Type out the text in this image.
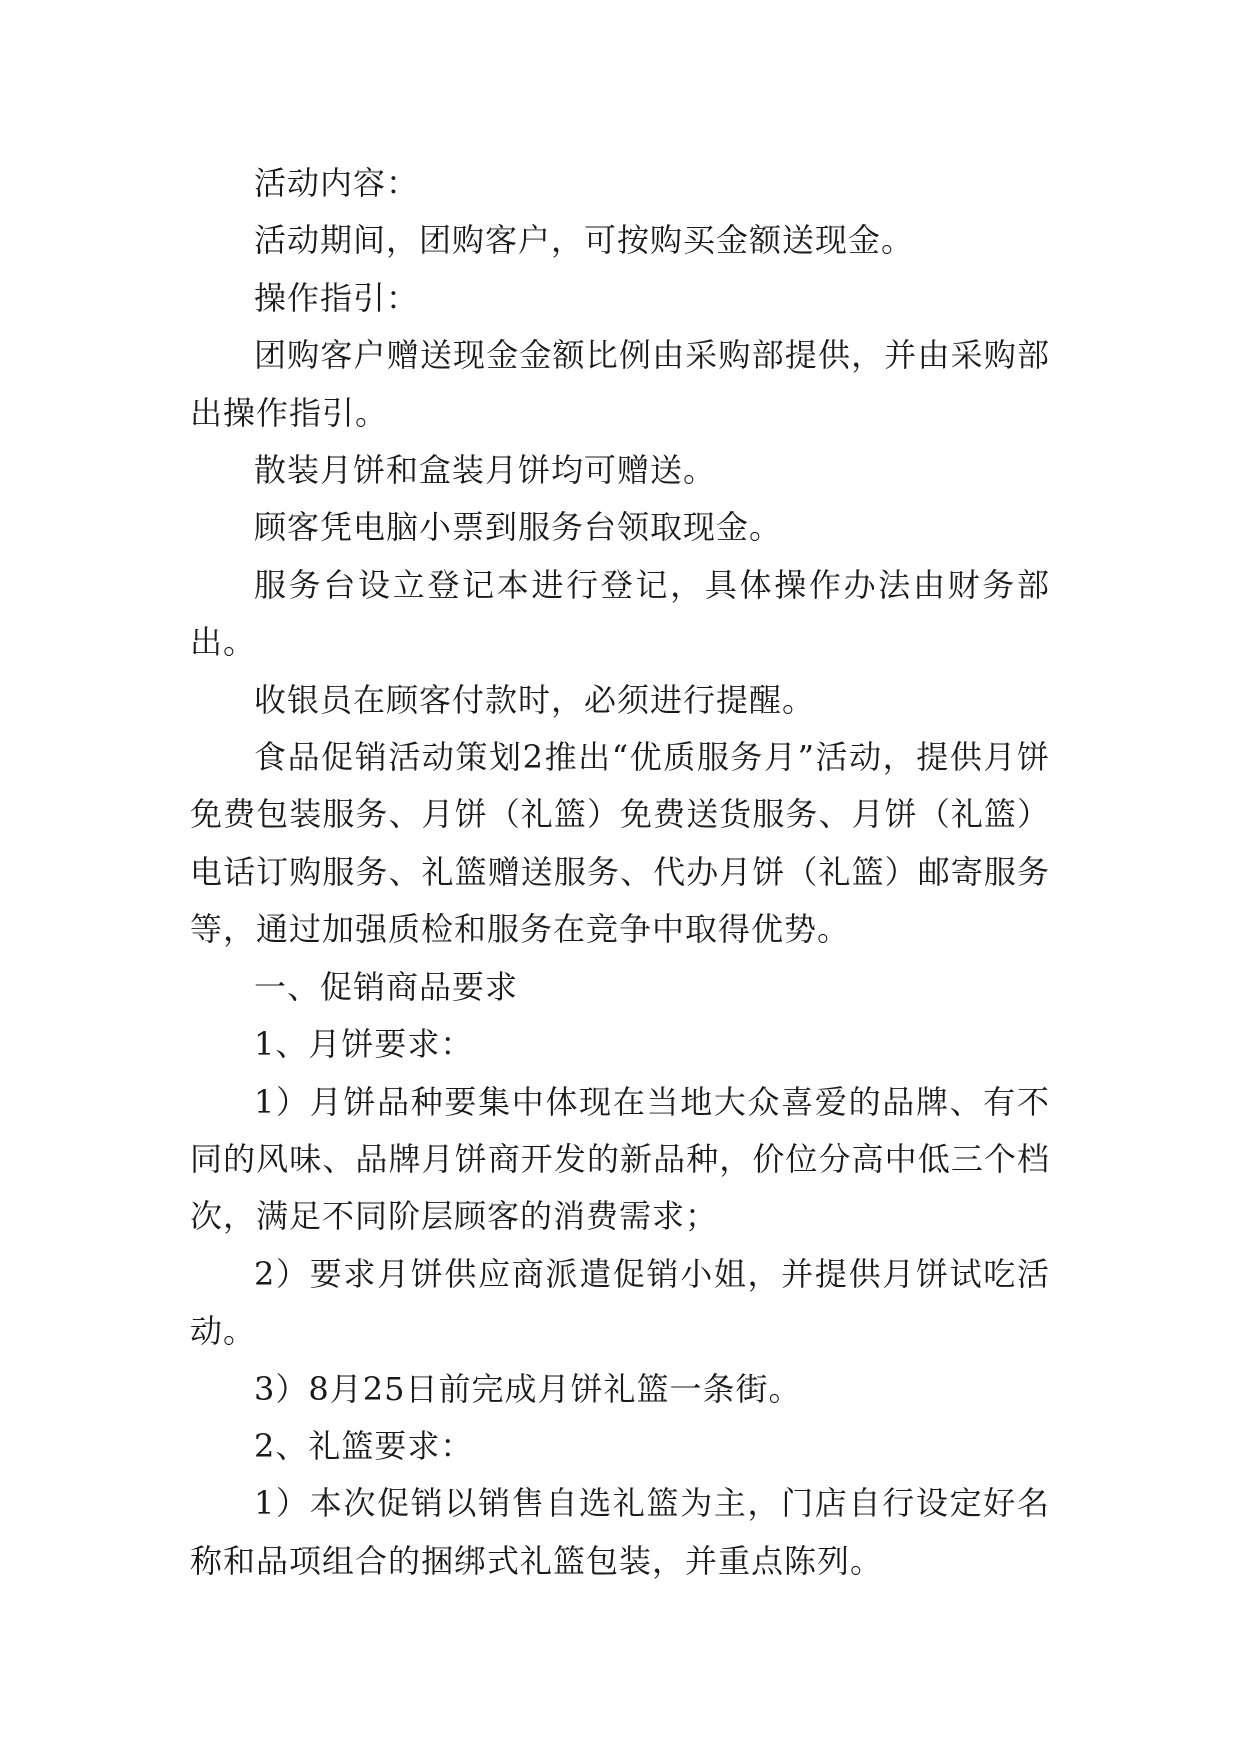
活动内容：

活动期间，团购客户，可按购买金额送现金。

操作指引：

团购客户赠送现金金额比例由采购部提供，并由采购部出操作指引。

散装月饼和盒装月饼均可赠送。

顾客凭电脑小票到服务台领取现金。

服务台设立登记本进行登记，具体操作办法由财务部出。

收银员在顾客付款时，必须进行提醒。

食品促销活动策划2推出“优质服务月”活动，提供月饼免费包装服务、月饼（礼篮）免费送货服务、月饼（礼篮）电话订购服务、礼篮赠送服务、代办月饼（礼篮）邮寄服务等，通过加强质检和服务在竞争中取得优势。

一、促销商品要求

1、月饼要求：

1）月饼品种要集中体现在当地大众喜爱的品牌、有不同的风味、品牌月饼商开发的新品种，价位分高中低三个档次，满足不同阶层顾客的消费需求；

2）要求月饼供应商派遣促销小姐，并提供月饼试吃活动。

3）8月25日前完成月饼礼篮一条街。

2、礼篮要求：

1）本次促销以销售自选礼篮为主，门店自行设定好名称和品项组合的捆绑式礼篮包装，并重点陈列。
